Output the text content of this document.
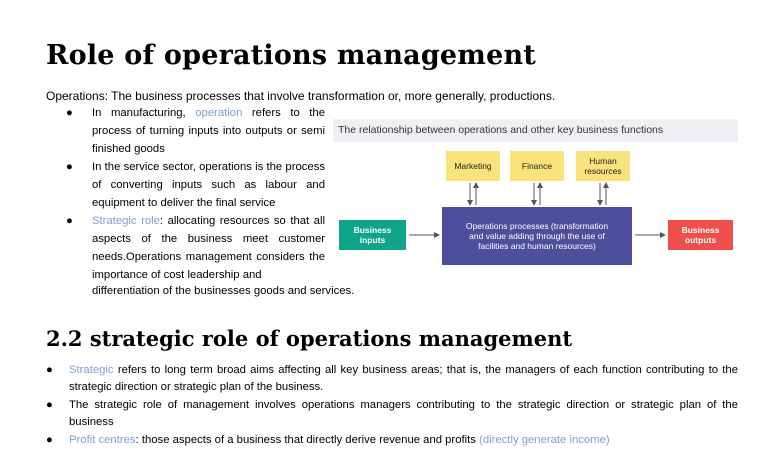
Role of operations management
Operations: The business processes that involve transformation or, more generally, productions.
● In manufacturing, operation refers to the process of turning inputs into outputs or semi finished goods
● In the service sector, operations is the process of converting inputs such as labour and equipment to deliver the final service
● Strategic role: allocating resources so that all aspects of the business meet customer needs.Operations management considers the importance of cost leadership and
differentiation of the businesses goods and services.
The relationship between operations and other key business functions
Marketing	Finance	Human resources
Business inputs
Operations processes (transformation and value adding through the use of facilities and human resources)
Business outputs
2.2 strategic role of operations management
● Strategic refers to long term broad aims affecting all key business areas; that is, the managers of each function contributing to the strategic direction or strategic plan of the business.
● The strategic role of management involves operations managers contributing to the strategic direction or strategic plan of the business
● Profit centres: those aspects of a business that directly derive revenue and profits (directly generate income)
